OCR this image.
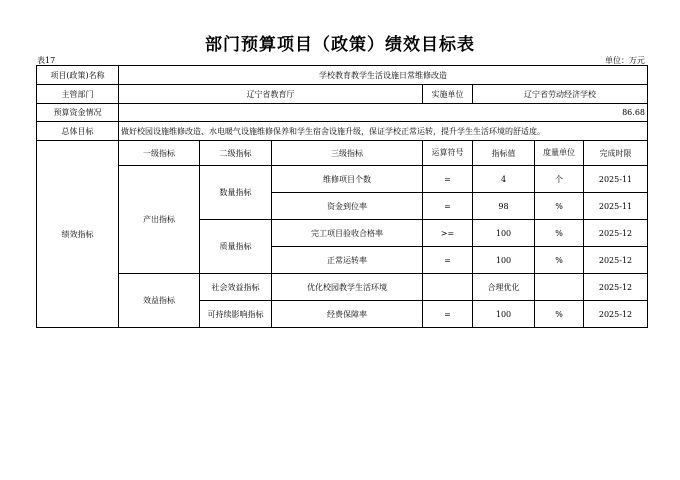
部门预算项目（政策）绩效目标表
表17	单位：万元
项目(政策)名称	学校教育教学生活设施日常维修改造						
主管部门	辽宁省教育厅			实施单位	辽宁省劳动经济学校		
预算资金情况	86.68						
总体目标	做好校园设施维修改造、水电暖气设施维修保养和学生宿舍设施升级，保证学校正常运转，提升学生生活环境的舒适度。						
绩效指标	一级指标	二级指标	三级指标	运算符号	指标值	度量单位	完成时限
	产出指标	数量指标	维修项目个数	=	4	个	2025-11
			资金到位率	=	98	%	2025-11
		质量指标	完工项目验收合格率	>=	100	%	2025-12
			正常运转率	=	100	%	2025-12
	效益指标	社会效益指标	优化校园教学生活环境		合理优化		2025-12
		可持续影响指标	经费保障率	=	100	%	2025-12
